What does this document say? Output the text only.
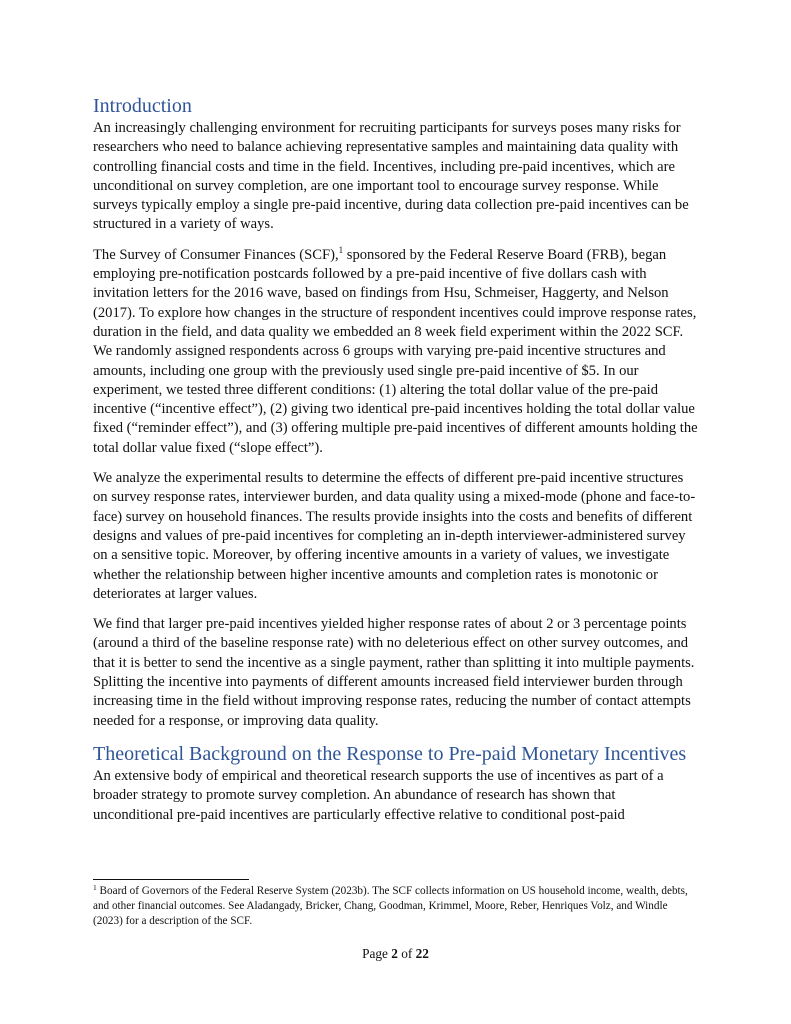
Introduction

An increasingly challenging environment for recruiting participants for surveys poses many risks for researchers who need to balance achieving representative samples and maintaining data quality with controlling financial costs and time in the field. Incentives, including pre-paid incentives, which are unconditional on survey completion, are one important tool to encourage survey response. While surveys typically employ a single pre-paid incentive, during data collection pre-paid incentives can be structured in a variety of ways.

The Survey of Consumer Finances (SCF),$^1$ sponsored by the Federal Reserve Board (FRB), began employing pre-notification postcards followed by a pre-paid incentive of five dollars cash with invitation letters for the 2016 wave, based on findings from Hsu, Schmeiser, Haggerty, and Nelson (2017). To explore how changes in the structure of respondent incentives could improve response rates, duration in the field, and data quality we embedded an 8 week field experiment within the 2022 SCF. We randomly assigned respondents across 6 groups with varying pre-paid incentive structures and amounts, including one group with the previously used single pre-paid incentive of $5. In our experiment, we tested three different conditions: (1) altering the total dollar value of the pre-paid incentive (“incentive effect”), (2) giving two identical pre-paid incentives holding the total dollar value fixed (“reminder effect”), and (3) offering multiple pre-paid incentives of different amounts holding the total dollar value fixed (“slope effect”).

We analyze the experimental results to determine the effects of different pre-paid incentive structures on survey response rates, interviewer burden, and data quality using a mixed-mode (phone and face-to-face) survey on household finances. The results provide insights into the costs and benefits of different designs and values of pre-paid incentives for completing an in-depth interviewer-administered survey on a sensitive topic. Moreover, by offering incentive amounts in a variety of values, we investigate whether the relationship between higher incentive amounts and completion rates is monotonic or deteriorates at larger values.

We find that larger pre-paid incentives yielded higher response rates of about 2 or 3 percentage points (around a third of the baseline response rate) with no deleterious effect on other survey outcomes, and that it is better to send the incentive as a single payment, rather than splitting it into multiple payments. Splitting the incentive into payments of different amounts increased field interviewer burden through increasing time in the field without improving response rates, reducing the number of contact attempts needed for a response, or improving data quality.

Theoretical Background on the Response to Pre-paid Monetary Incentives

An extensive body of empirical and theoretical research supports the use of incentives as part of a broader strategy to promote survey completion. An abundance of research has shown that unconditional pre-paid incentives are particularly effective relative to conditional post-paid

$^1$ Board of Governors of the Federal Reserve System (2023b). The SCF collects information on US household income, wealth, debts, and other financial outcomes. See Aladangady, Bricker, Chang, Goodman, Krimmel, Moore, Reber, Henriques Volz, and Windle (2023) for a description of the SCF.

Page 2 of 22
